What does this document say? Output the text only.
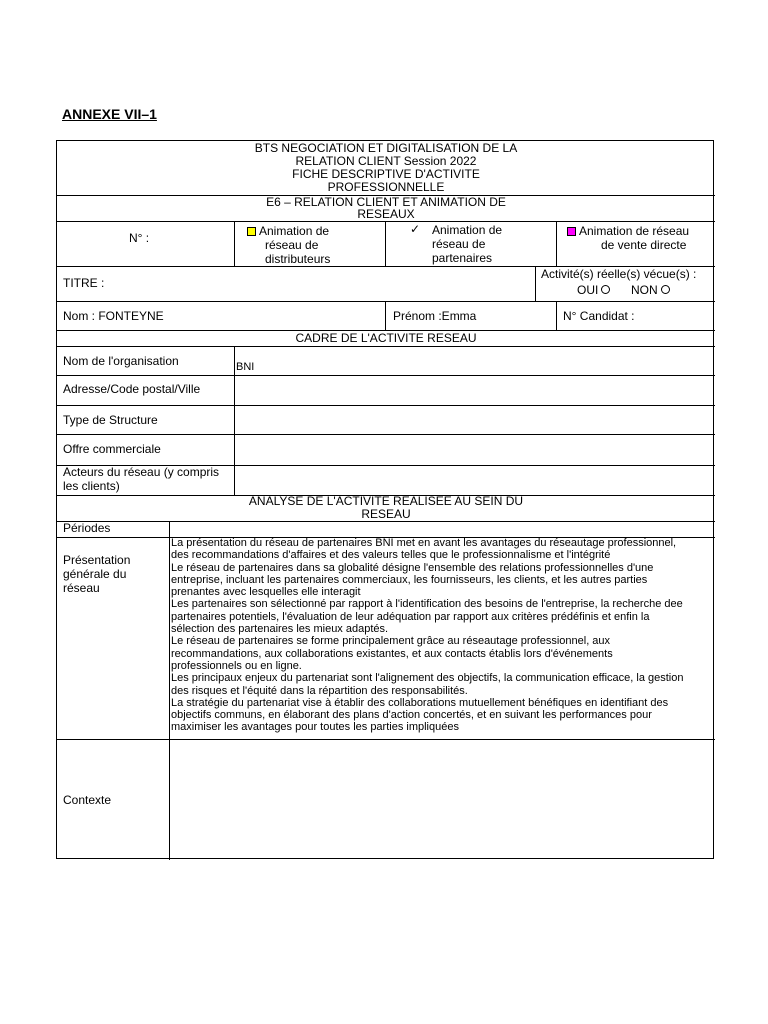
ANNEXE VII–1
BTS NEGOCIATION ET DIGITALISATION DE LA
RELATION CLIENT Session 2022
FICHE DESCRIPTIVE D'ACTIVITE
PROFESSIONNELLE
E6 – RELATION CLIENT ET ANIMATION DE
RESEAUX
N° :	Animation de
réseau de
distributeurs
✓ Animation de
réseau de
partenaires
Animation de réseau
de vente directe
TITRE :
Activité(s) réelle(s) vécue(s) :
OUI	NON
Nom : FONTEYNE	Prénom :Emma	N° Candidat :
CADRE DE L'ACTIVITE RESEAU
Nom de l'organisation	BNI
Adresse/Code postal/Ville
Type de Structure
Offre commerciale
Acteurs du réseau (y compris les clients)
ANALYSE DE L'ACTIVITE REALISEE AU SEIN DU
RESEAU
Périodes
Présentation générale du réseau
La présentation du réseau de partenaires BNI met en avant les avantages du réseautage professionnel,
des recommandations d'affaires et des valeurs telles que le professionnalisme et l'intégrité
Le réseau de partenaires dans sa globalité désigne l'ensemble des relations professionnelles d'une
entreprise, incluant les partenaires commerciaux, les fournisseurs, les clients, et les autres parties
prenantes avec lesquelles elle interagit
Les partenaires son sélectionné par rapport à l'identification des besoins de l'entreprise, la recherche dee
partenaires potentiels, l'évaluation de leur adéquation par rapport aux critères prédéfinis et enfin la
sélection des partenaires les mieux adaptés.
Le réseau de partenaires se forme principalement grâce au réseautage professionnel, aux
recommandations, aux collaborations existantes, et aux contacts établis lors d'événements
professionnels ou en ligne.
Les principaux enjeux du partenariat sont l'alignement des objectifs, la communication efficace, la gestion
des risques et l'équité dans la répartition des responsabilités.
La stratégie du partenariat vise à établir des collaborations mutuellement bénéfiques en identifiant des
objectifs communs, en élaborant des plans d'action concertés, et en suivant les performances pour
maximiser les avantages pour toutes les parties impliquées
Contexte
